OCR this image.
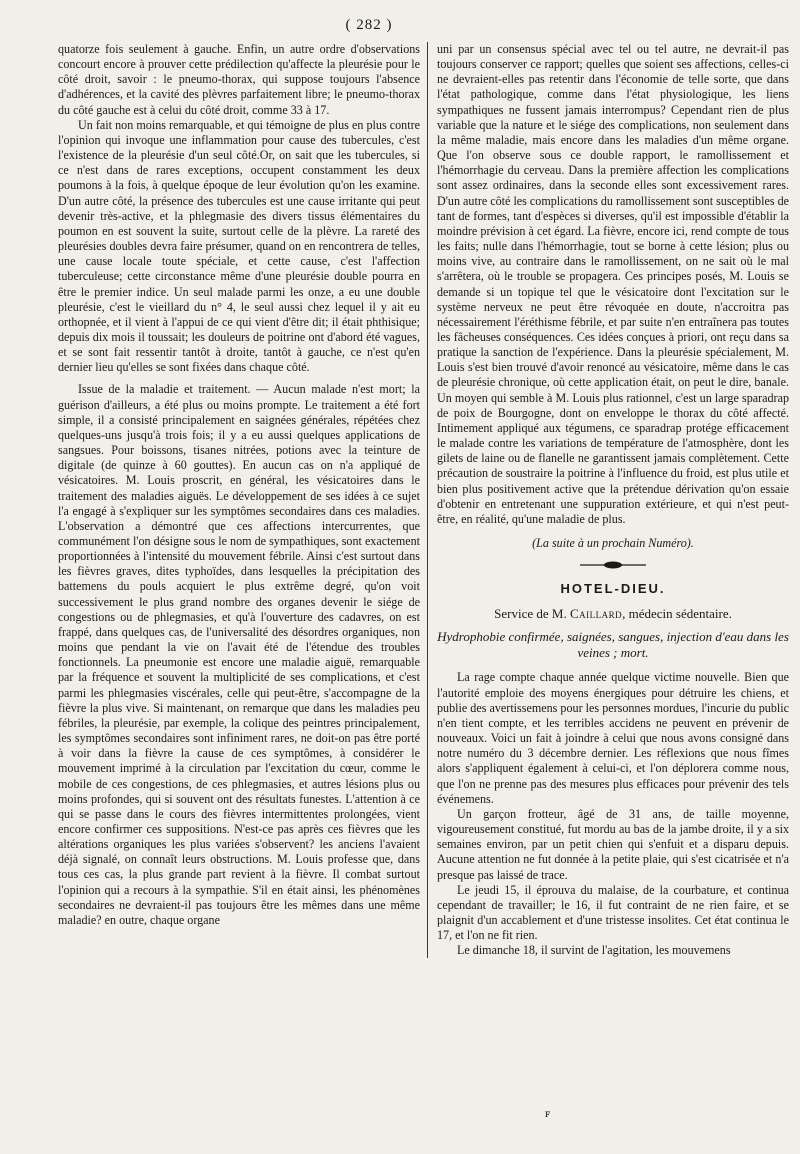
( 282 )

quatorze fois seulement à gauche. Enfin, un autre ordre d'observations concourt encore à prouver cette prédilection qu'affecte la pleurésie pour le côté droit, savoir : le pneumo-thorax, qui suppose toujours l'absence d'adhérences, et la cavité des plèvres parfaitement libre; le pneumo-thorax du côté gauche est à celui du côté droit, comme 33 à 17.

Un fait non moins remarquable, et qui témoigne de plus en plus contre l'opinion qui invoque une inflammation pour cause des tubercules, c'est l'existence de la pleurésie d'un seul côté.Or, on sait que les tubercules, si ce n'est dans de rares exceptions, occupent constamment les deux poumons à la fois, à quelque époque de leur évolution qu'on les examine. D'un autre côté, la présence des tubercules est une cause irritante qui peut devenir très-active, et la phlegmasie des divers tissus élémentaires du poumon en est souvent la suite, surtout celle de la plèvre. La rareté des pleurésies doubles devra faire présumer, quand on en rencontrera de telles, une cause locale toute spéciale, et cette cause, c'est l'affection tuberculeuse; cette circonstance même d'une pleurésie double pourra en être le premier indice. Un seul malade parmi les onze, a eu une double pleurésie, c'est le vieillard du n° 4, le seul aussi chez lequel il y ait eu orthopnée, et il vient à l'appui de ce qui vient d'être dit; il était phthisique; depuis dix mois il toussait; les douleurs de poitrine ont d'abord été vagues, et se sont fait ressentir tantôt à droite, tantôt à gauche, ce n'est qu'en dernier lieu qu'elles se sont fixées dans chaque côté.

Issue de la maladie et traitement. — Aucun malade n'est mort; la guérison d'ailleurs, a été plus ou moins prompte. Le traitement a été fort simple, il a consisté principalement en saignées générales, répétées chez quelques-uns jusqu'à trois fois; il y a eu aussi quelques applications de sangsues. Pour boissons, tisanes nitrées, potions avec la teinture de digitale (de quinze à 60 gouttes). En aucun cas on n'a appliqué de vésicatoires. M. Louis proscrit, en général, les vésicatoires dans le traitement des maladies aiguës. Le développement de ses idées à ce sujet l'a engagé à s'expliquer sur les symptômes secondaires dans ces maladies. L'observation a démontré que ces affections intercurrentes, que communément l'on désigne sous le nom de sympathiques, sont exactement proportionnées à l'intensité du mouvement fébrile. Ainsi c'est surtout dans les fièvres graves, dites typhoïdes, dans lesquelles la précipitation des battemens du pouls acquiert le plus extrême degré, qu'on voit successivement le plus grand nombre des organes devenir le siége de congestions ou de phlegmasies, et qu'à l'ouverture des cadavres, on est frappé, dans quelques cas, de l'universalité des désordres organiques, non moins que pendant la vie on l'avait été de l'étendue des troubles fonctionnels. La pneumonie est encore une maladie aiguë, remarquable par la fréquence et souvent la multiplicité de ses complications, et c'est parmi les phlegmasies viscérales, celle qui peut-être, s'accompagne de la fièvre la plus vive. Si maintenant, on remarque que dans les maladies peu fébriles, la pleurésie, par exemple, la colique des peintres principalement, les symptômes secondaires sont infiniment rares, ne doit-on pas être porté à voir dans la fièvre la cause de ces symptômes, à considérer le mouvement imprimé à la circulation par l'excitation du cœur, comme le mobile de ces congestions, de ces phlegmasies, et autres lésions plus ou moins profondes, qui si souvent ont des résultats funestes. L'attention à ce qui se passe dans le cours des fièvres intermittentes prolongées, vient encore confirmer ces suppositions. N'est-ce pas après ces fièvres que les altérations organiques les plus variées s'observent? les anciens l'avaient déjà signalé, on connaît leurs obstructions. M. Louis professe que, dans tous ces cas, la plus grande part revient à la fièvre. Il combat surtout l'opinion qui a recours à la sympathie. S'il en était ainsi, les phénomènes secondaires ne devraient-il pas toujours être les mêmes dans une même maladie? en outre, chaque organe

uni par un consensus spécial avec tel ou tel autre, ne devrait-il pas toujours conserver ce rapport; quelles que soient ses affections, celles-ci ne devraient-elles pas retentir dans l'économie de telle sorte, que dans l'état pathologique, comme dans l'état physiologique, les liens sympathiques ne fussent jamais interrompus? Cependant rien de plus variable que la nature et le siége des complications, non seulement dans la même maladie, mais encore dans les maladies d'un même organe. Que l'on observe sous ce double rapport, le ramollissement et l'hémorrhagie du cerveau. Dans la première affection les complications sont assez ordinaires, dans la seconde elles sont excessivement rares. D'un autre côté les complications du ramollissement sont susceptibles de tant de formes, tant d'espèces si diverses, qu'il est impossible d'établir la moindre prévision à cet égard. La fièvre, encore ici, rend compte de tous les faits; nulle dans l'hémorrhagie, tout se borne à cette lésion; plus ou moins vive, au contraire dans le ramollissement, on ne sait où le mal s'arrêtera, où le trouble se propagera. Ces principes posés, M. Louis se demande si un topique tel que le vésicatoire dont l'excitation sur le système nerveux ne peut être révoquée en doute, n'accroitra pas nécessairement l'éréthisme fébrile, et par suite n'en entraînera pas toutes les fâcheuses conséquences. Ces idées conçues à priori, ont reçu dans sa pratique la sanction de l'expérience. Dans la pleurésie spécialement, M. Louis s'est bien trouvé d'avoir renoncé au vésicatoire, même dans le cas de pleurésie chronique, où cette application était, on peut le dire, banale. Un moyen qui semble à M. Louis plus rationnel, c'est un large sparadrap de poix de Bourgogne, dont on enveloppe le thorax du côté affecté. Intimement appliqué aux tégumens, ce sparadrap protége efficacement le malade contre les variations de température de l'atmosphère, dont les gilets de laine ou de flanelle ne garantissent jamais complètement. Cette précaution de soustraire la poitrine à l'influence du froid, est plus utile et bien plus positivement active que la prétendue dérivation qu'on essaie d'obtenir en entretenant une suppuration extérieure, et qui n'est peut-être, en réalité, qu'une maladie de plus.

(La suite à un prochain Numéro).
HOTEL-DIEU.
Service de M. Caillard, médecin sédentaire.
Hydrophobie confirmée, saignées, sangues, injection d'eau dans les veines ; mort.

La rage compte chaque année quelque victime nouvelle. Bien que l'autorité emploie des moyens énergiques pour détruire les chiens, et publie des avertissemens pour les personnes mordues, l'incurie du public n'en tient compte, et les terribles accidens ne peuvent en prévenir de nouveaux. Voici un fait à joindre à celui que nous avons consigné dans notre numéro du 3 décembre dernier. Les réflexions que nous fîmes alors s'appliquent également à celui-ci, et l'on déplorera comme nous, que l'on ne prenne pas des mesures plus efficaces pour prévenir des tels événemens.

Un garçon frotteur, âgé de 31 ans, de taille moyenne, vigoureusement constitué, fut mordu au bas de la jambe droite, il y a six semaines environ, par un petit chien qui s'enfuit et a disparu depuis. Aucune attention ne fut donnée à la petite plaie, qui s'est cicatrisée et n'a presque pas laissé de trace.

Le jeudi 15, il éprouva du malaise, de la courbature, et continua cependant de travailler; le 16, il fut contraint de ne rien faire, et se plaignit d'un accablement et d'une tristesse insolites. Cet état continua le 17, et l'on ne fit rien.

Le dimanche 18, il survint de l'agitation, les mouvemens

ꜰ
